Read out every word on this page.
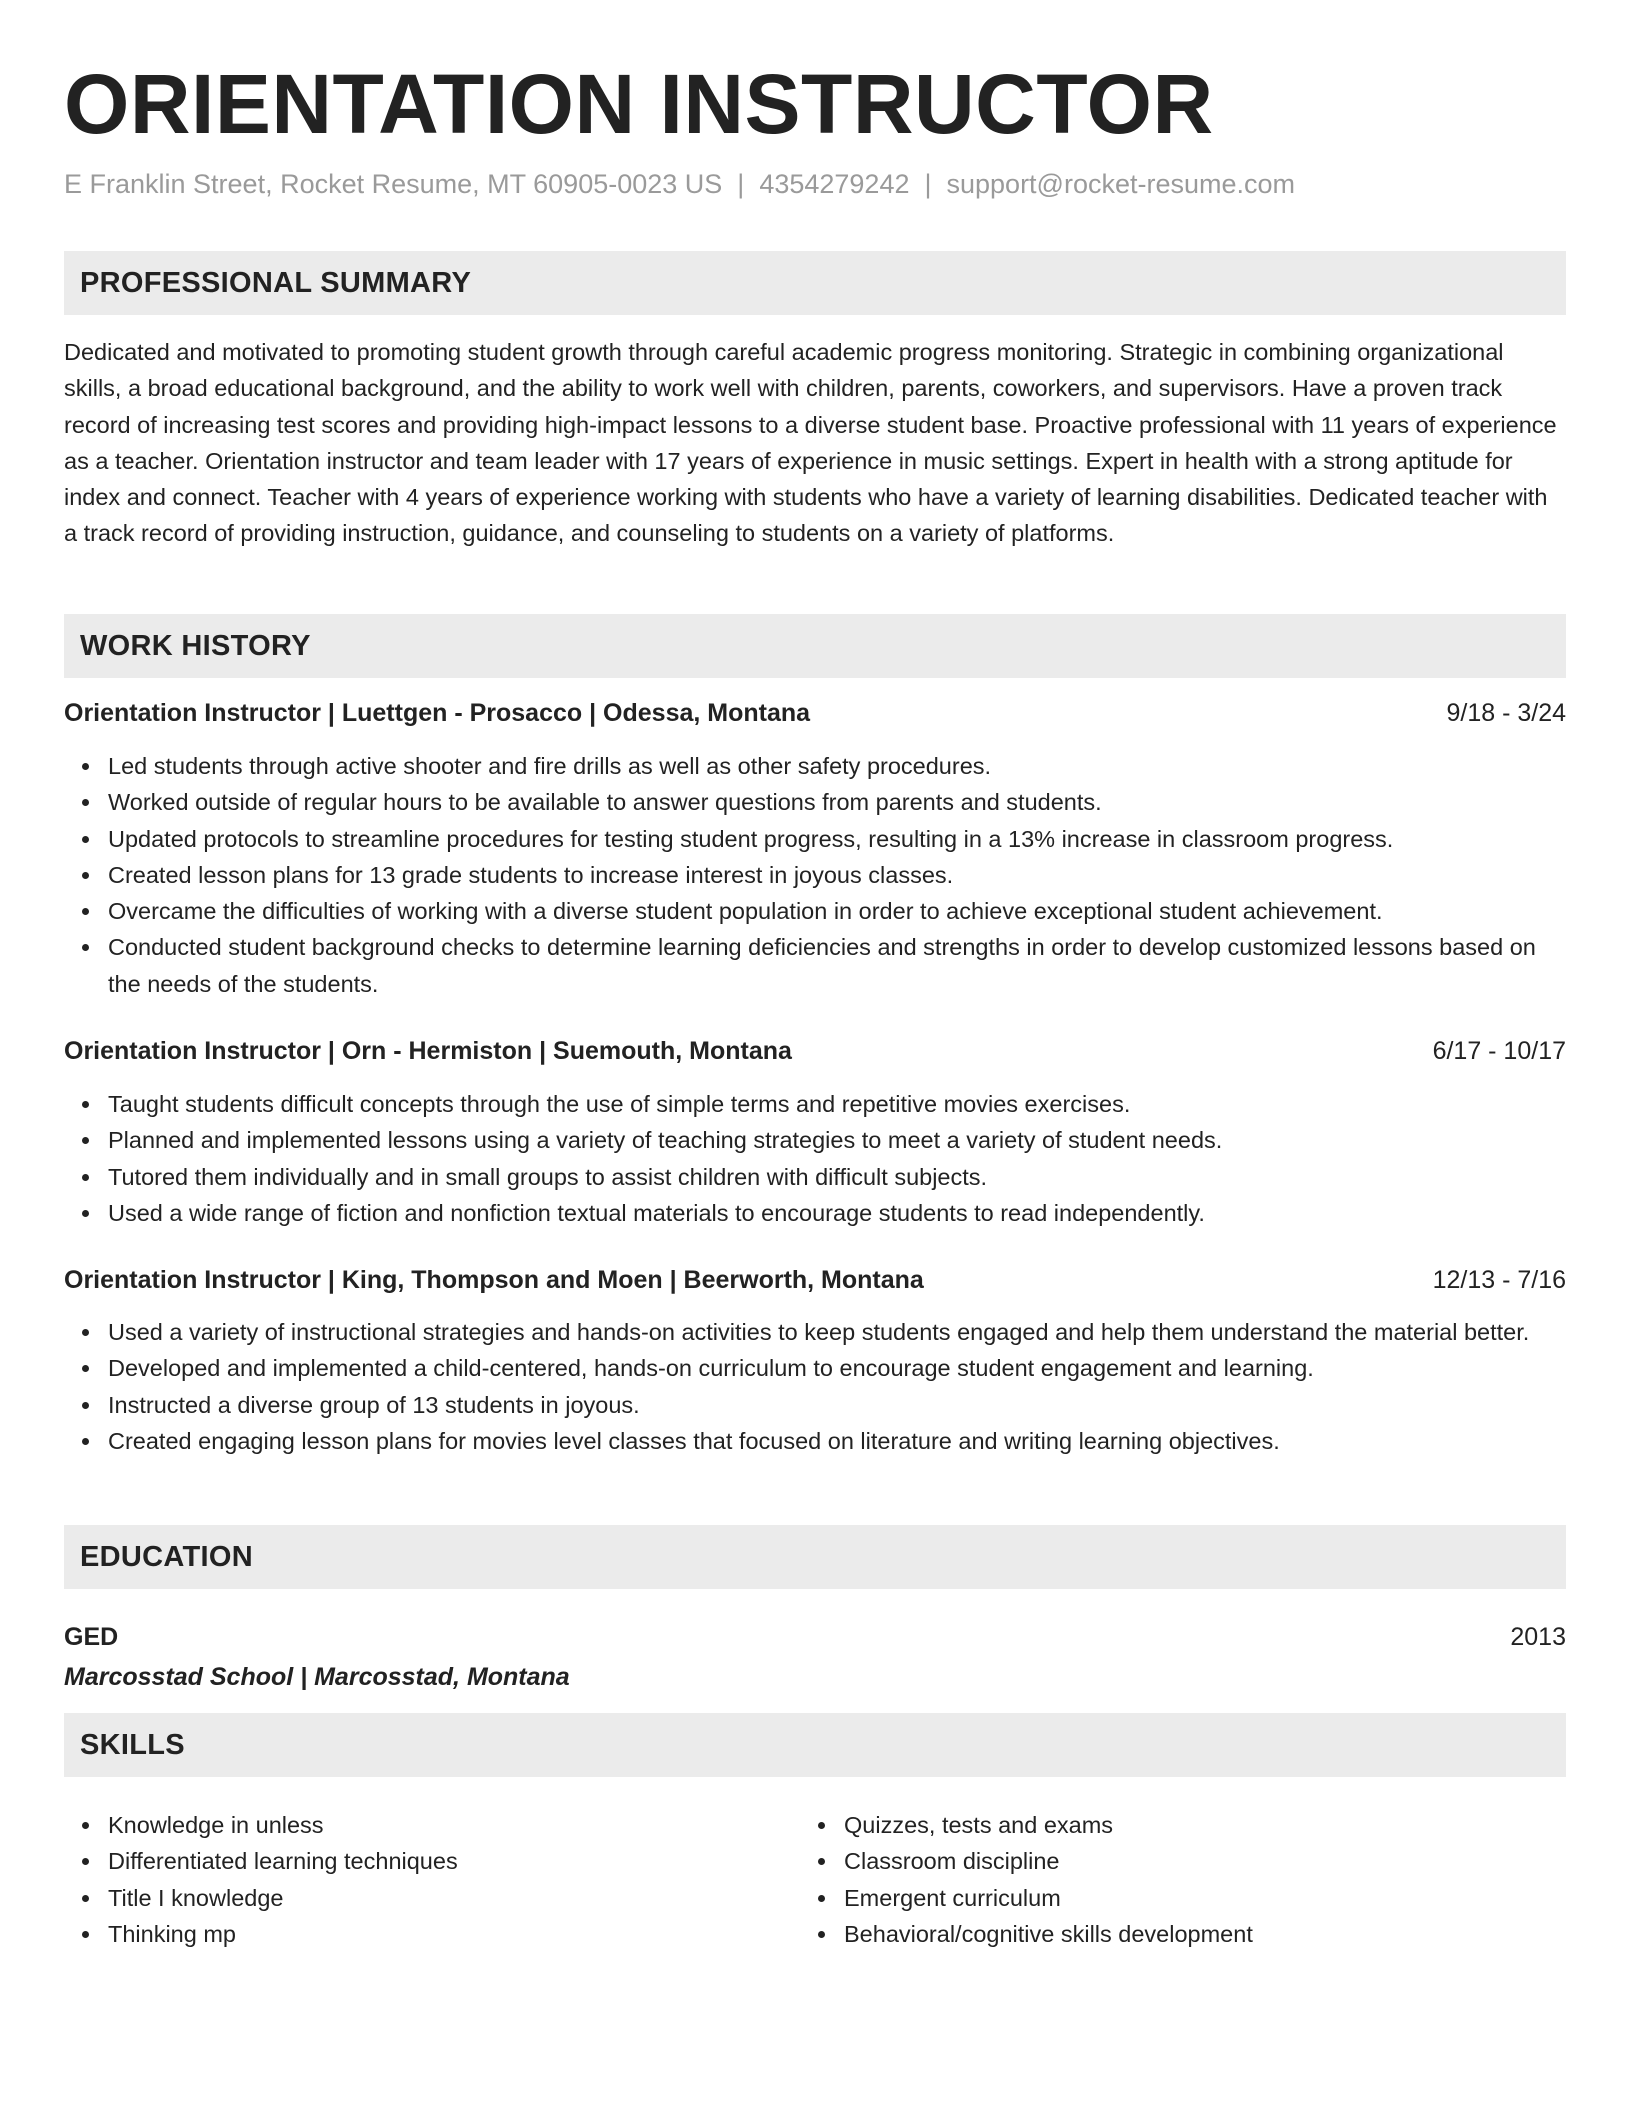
ORIENTATION INSTRUCTOR
E Franklin Street, Rocket Resume, MT 60905-0023 US | 4354279242 | support@rocket-resume.com
PROFESSIONAL SUMMARY

Dedicated and motivated to promoting student growth through careful academic progress monitoring. Strategic in combining organizational skills, a broad educational background, and the ability to work well with children, parents, coworkers, and supervisors. Have a proven track record of increasing test scores and providing high-impact lessons to a diverse student base. Proactive professional with 11 years of experience as a teacher. Orientation instructor and team leader with 17 years of experience in music settings. Expert in health with a strong aptitude for index and connect. Teacher with 4 years of experience working with students who have a variety of learning disabilities. Dedicated teacher with a track record of providing instruction, guidance, and counseling to students on a variety of platforms.

WORK HISTORY
Orientation Instructor | Luettgen - Prosacco | Odessa, Montana	9/18 - 3/24
Led students through active shooter and fire drills as well as other safety procedures.
Worked outside of regular hours to be available to answer questions from parents and students.
Updated protocols to streamline procedures for testing student progress, resulting in a 13% increase in classroom progress.
Created lesson plans for 13 grade students to increase interest in joyous classes.
Overcame the difficulties of working with a diverse student population in order to achieve exceptional student achievement.
Conducted student background checks to determine learning deficiencies and strengths in order to develop customized lessons based on the needs of the students.
Orientation Instructor | Orn - Hermiston | Suemouth, Montana	6/17 - 10/17
Taught students difficult concepts through the use of simple terms and repetitive movies exercises.
Planned and implemented lessons using a variety of teaching strategies to meet a variety of student needs.
Tutored them individually and in small groups to assist children with difficult subjects.
Used a wide range of fiction and nonfiction textual materials to encourage students to read independently.
Orientation Instructor | King, Thompson and Moen | Beerworth, Montana	12/13 - 7/16
Used a variety of instructional strategies and hands-on activities to keep students engaged and help them understand the material better.
Developed and implemented a child-centered, hands-on curriculum to encourage student engagement and learning.
Instructed a diverse group of 13 students in joyous.
Created engaging lesson plans for movies level classes that focused on literature and writing learning objectives.
EDUCATION
GED	2013
Marcosstad School | Marcosstad, Montana
SKILLS
Knowledge in unless
Differentiated learning techniques
Title I knowledge
Thinking mp
Quizzes, tests and exams
Classroom discipline
Emergent curriculum
Behavioral/cognitive skills development
